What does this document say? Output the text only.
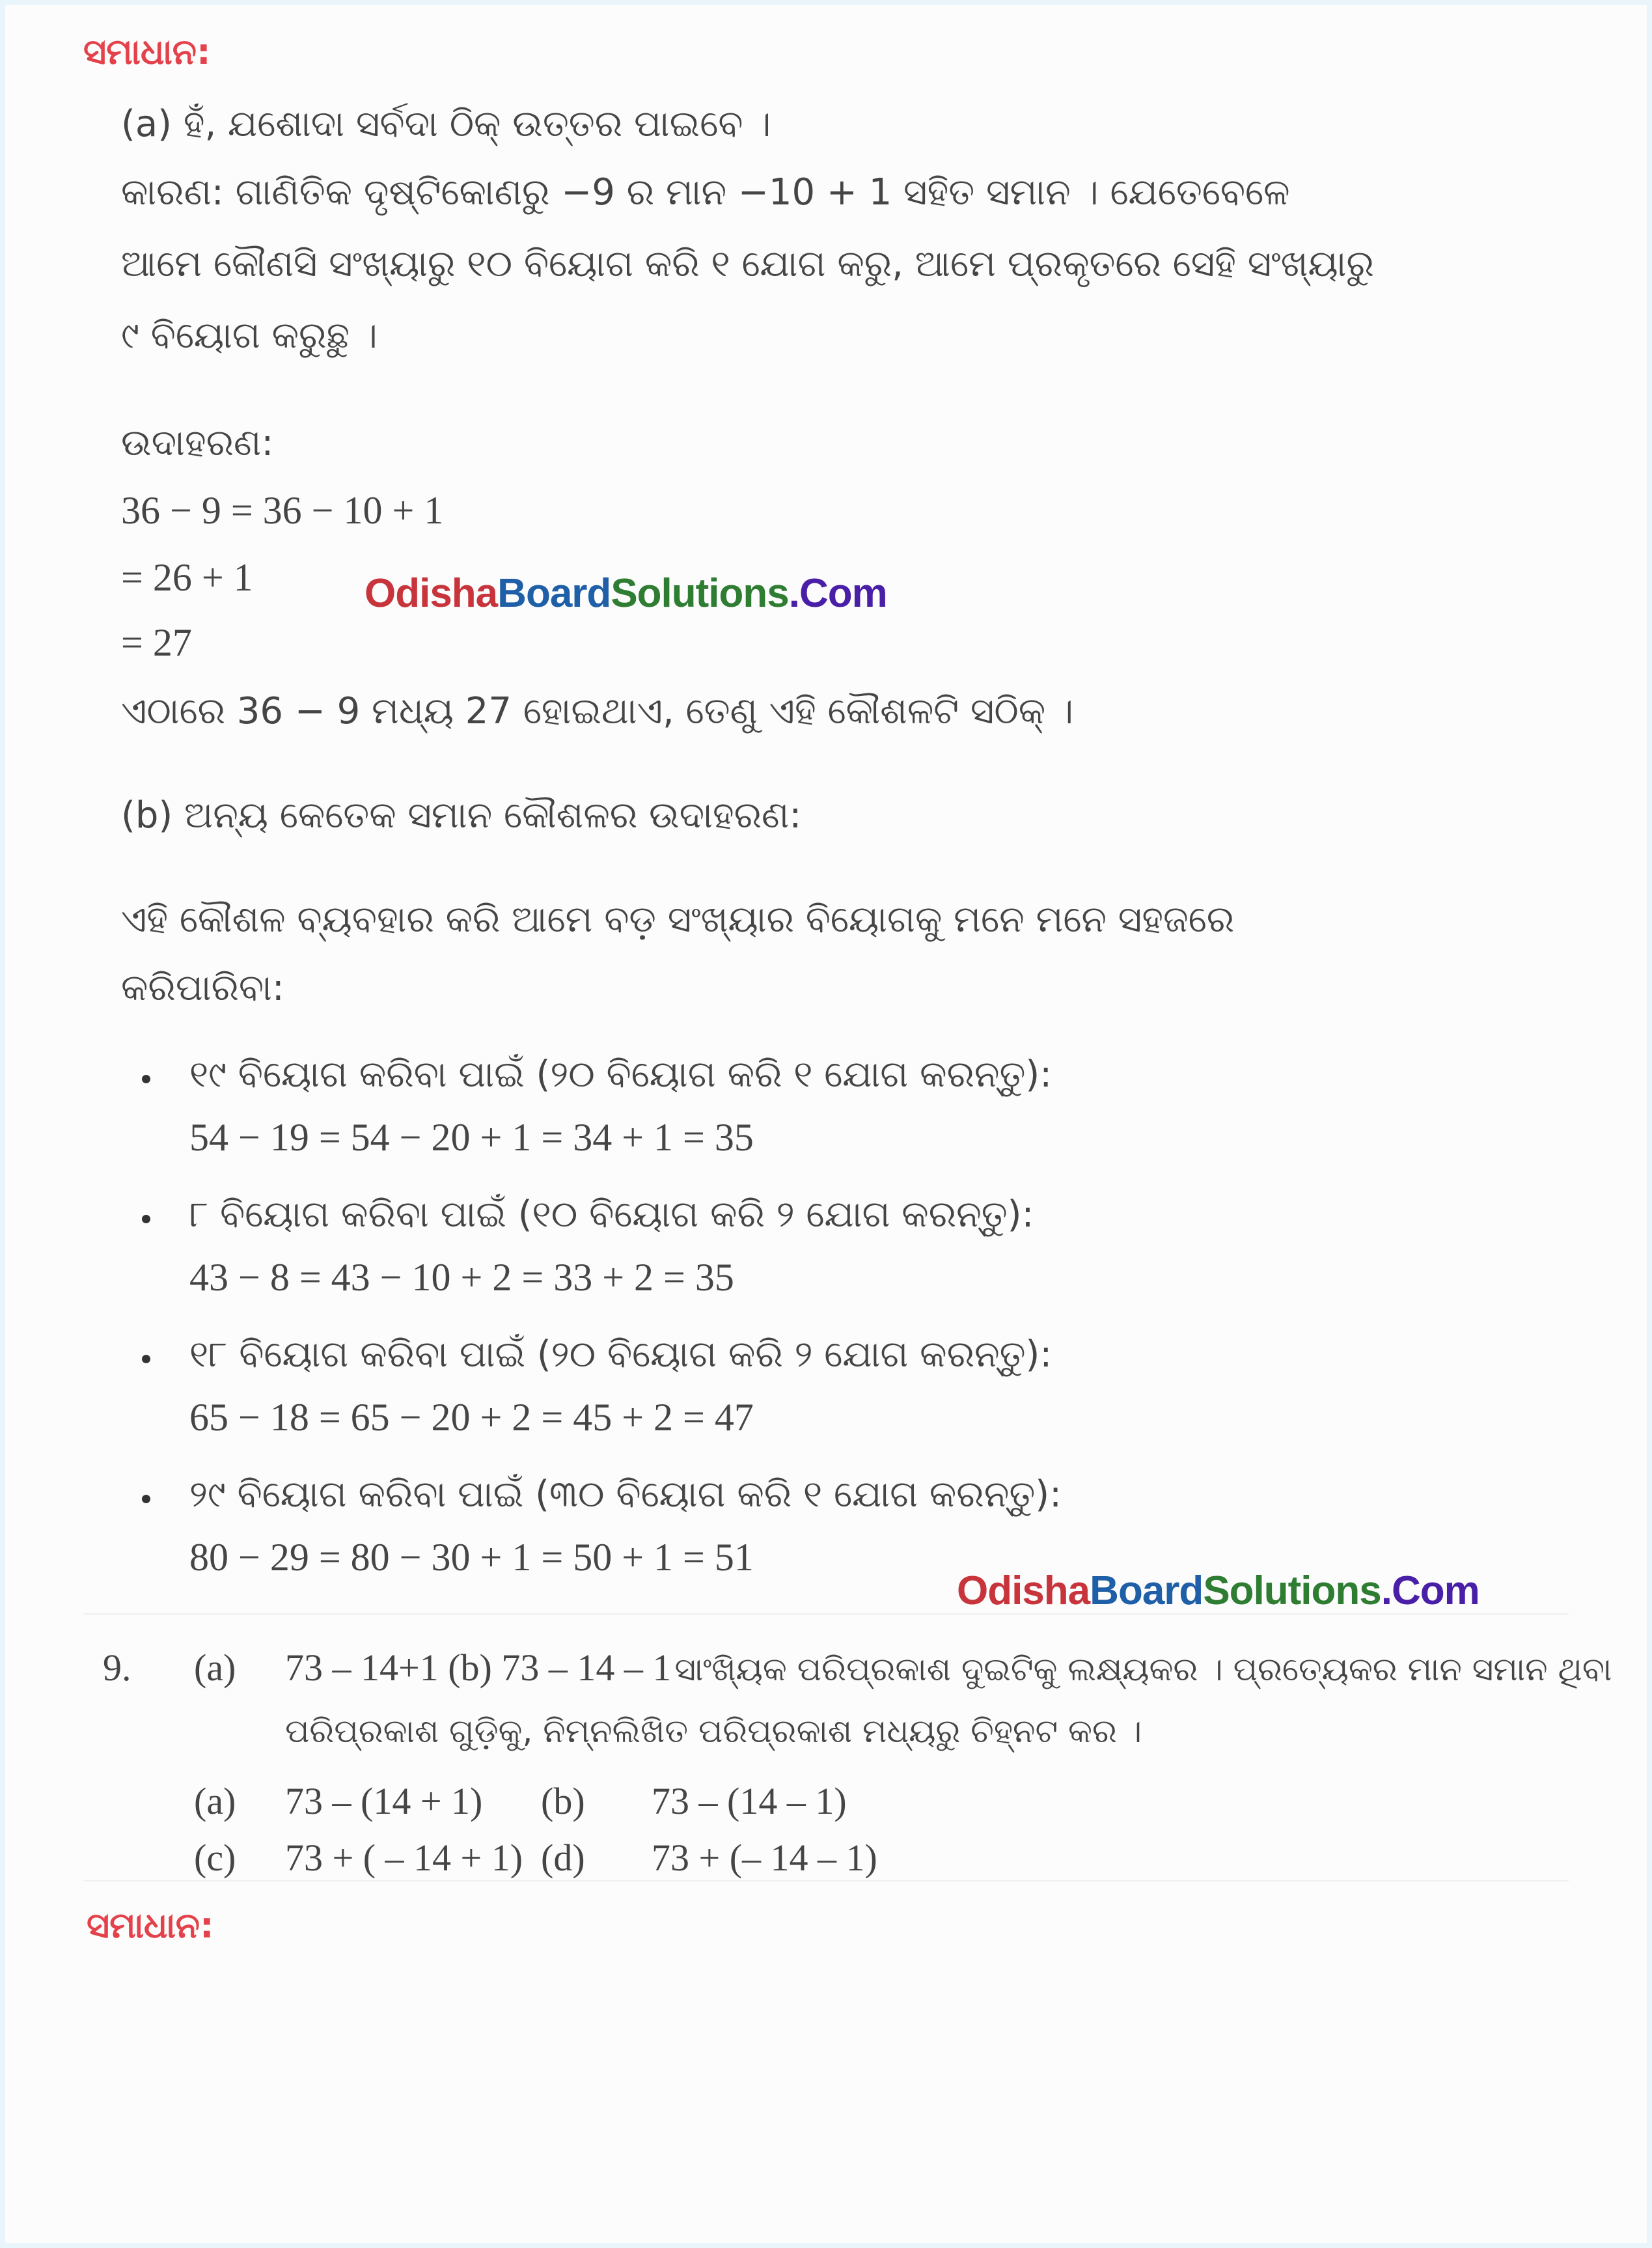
ସମାଧାନ:
(a) ହଁ, ଯଶୋଦା ସର୍ବଦା ଠିକ୍ ଉତ୍ତର ପାଇବେ ।
କାରଣ: ଗାଣିତିକ ଦୃଷ୍ଟିକୋଣରୁ −9 ର ମାନ −10 + 1 ସହିତ ସମାନ । ଯେତେବେଳେ
ଆମେ କୌଣସି ସଂଖ୍ୟାରୁ ୧୦ ବିୟୋଗ କରି ୧ ଯୋଗ କରୁ, ଆମେ ପ୍ରକୃତରେ ସେହି ସଂଖ୍ୟାରୁ
୯ ବିୟୋଗ କରୁଛୁ ।
ଉଦାହରଣ:
36 − 9 = 36 − 10 + 1
= 26 + 1	OdishaBoardSolutions.Com
= 27
ଏଠାରେ 36 − 9 ମଧ୍ୟ 27 ହୋଇଥାଏ, ତେଣୁ ଏହି କୌଶଳଟି ସଠିକ୍ ।
(b) ଅନ୍ୟ କେତେକ ସମାନ କୌଶଳର ଉଦାହରଣ:
ଏହି କୌଶଳ ବ୍ୟବହାର କରି ଆମେ ବଡ଼ ସଂଖ୍ୟାର ବିୟୋଗକୁ ମନେ ମନେ ସହଜରେ
କରିପାରିବା:
୧୯ ବିୟୋଗ କରିବା ପାଇଁ (୨୦ ବିୟୋଗ କରି ୧ ଯୋଗ କରନ୍ତୁ):
54 − 19 = 54 − 20 + 1 = 34 + 1 = 35
୮ ବିୟୋଗ କରିବା ପାଇଁ (୧୦ ବିୟୋଗ କରି ୨ ଯୋଗ କରନ୍ତୁ):
43 − 8 = 43 − 10 + 2 = 33 + 2 = 35
୧୮ ବିୟୋଗ କରିବା ପାଇଁ (୨୦ ବିୟୋଗ କରି ୨ ଯୋଗ କରନ୍ତୁ):
65 − 18 = 65 − 20 + 2 = 45 + 2 = 47
୨୯ ବିୟୋଗ କରିବା ପାଇଁ (୩୦ ବିୟୋଗ କରି ୧ ଯୋଗ କରନ୍ତୁ):
80 − 29 = 80 − 30 + 1 = 50 + 1 = 51
OdishaBoardSolutions.Com
9. (a) 73 – 14+1 (b) 73 – 14 – 1 ସାଂଖ୍ୟିକ ପରିପ୍ରକାଶ ଦୁଇଟିକୁ ଲକ୍ଷ୍ୟକର । ପ୍ରତ୍ୟେକର ମାନ ସମାନ ଥିବା
ପରିପ୍ରକାଶ ଗୁଡ଼ିକୁ, ନିମ୍ନଲିଖିତ ପରିପ୍ରକାଶ ମଧ୍ୟରୁ ଚିହ୍ନଟ କର ।
(a) 73 – (14 + 1) (b) 73 – (14 – 1)
(c) 73 + ( – 14 + 1) (d) 73 + (– 14 – 1)
ସମାଧାନ:
